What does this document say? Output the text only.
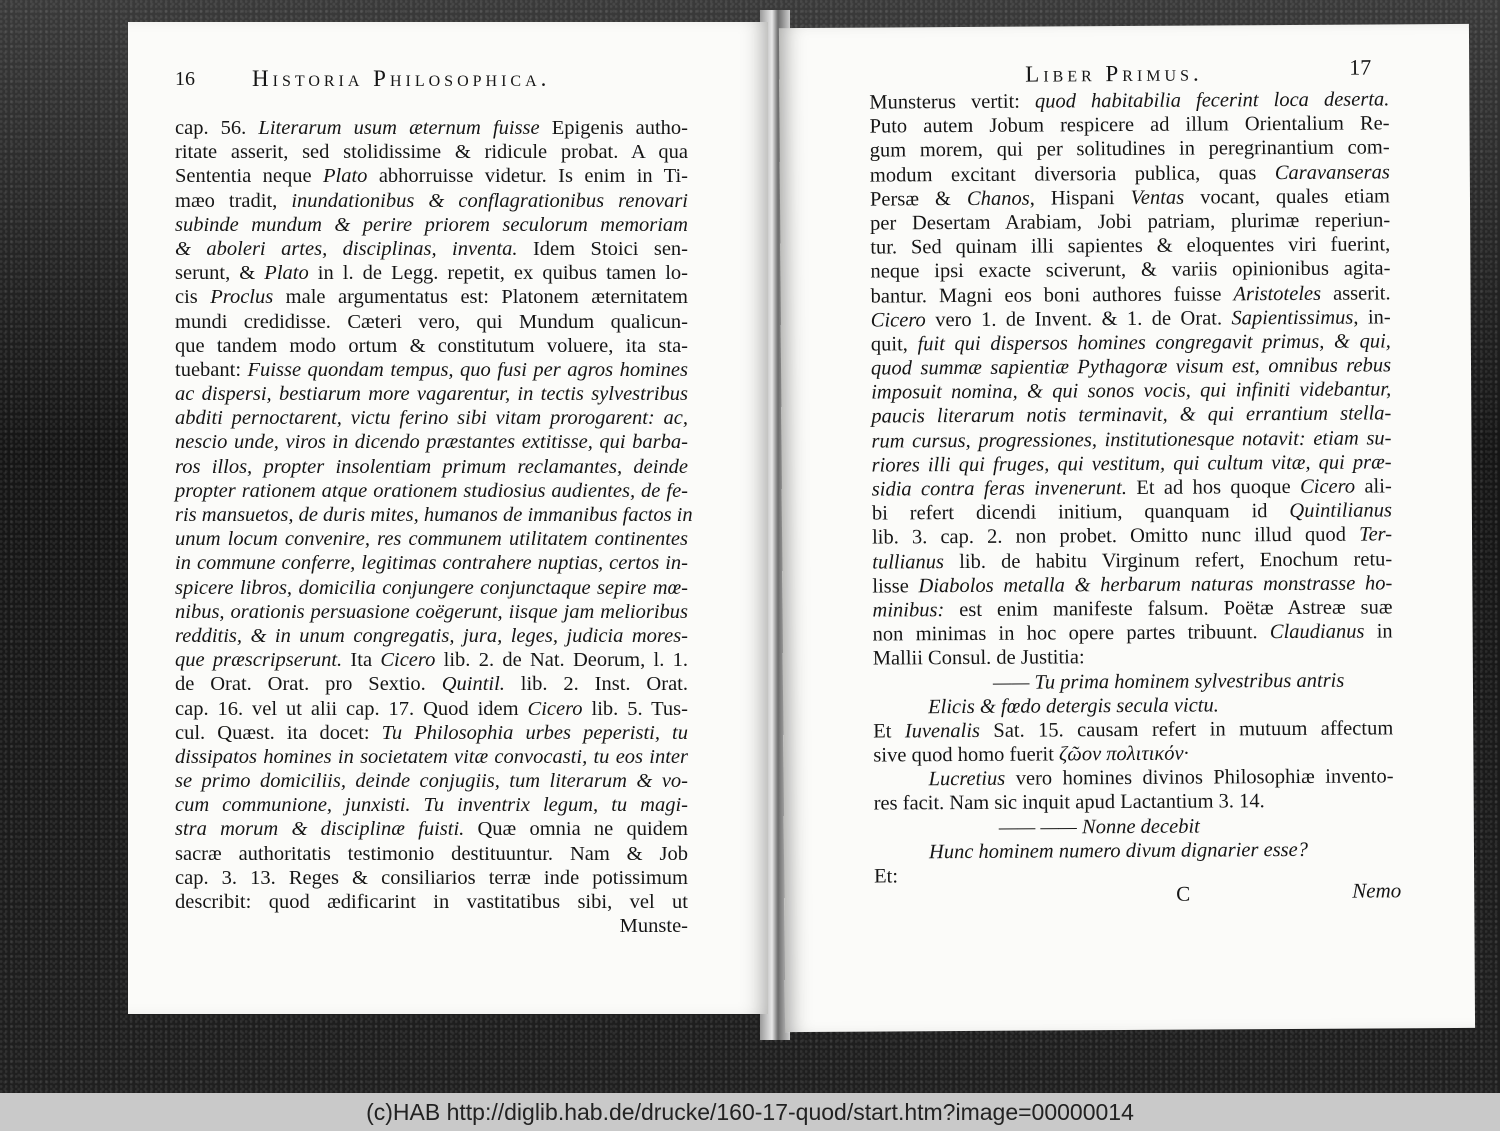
16 Historia Philosophica.
cap. 56. Literarum usum æternum fuisse Epigenis autho-
ritate asserit, sed stolidissime & ridicule probat. A qua
Sententia neque Plato abhorruisse videtur. Is enim in Ti-
mæo tradit, inundationibus & conflagrationibus renovari
subinde mundum & perire priorem seculorum memoriam
& aboleri artes, disciplinas, inventa. Idem Stoici sen-
serunt, & Plato in l. de Legg. repetit, ex quibus tamen lo-
cis Proclus male argumentatus est: Platonem æternitatem
mundi credidisse. Cæteri vero, qui Mundum qualicun-
que tandem modo ortum & constitutum voluere, ita sta-
tuebant: Fuisse quondam tempus, quo fusi per agros homines
ac dispersi, bestiarum more vagarentur, in tectis sylvestribus
abditi pernoctarent, victu ferino sibi vitam prorogarent: ac,
nescio unde, viros in dicendo præstantes extitisse, qui barba-
ros illos, propter insolentiam primum reclamantes, deinde
propter rationem atque orationem studiosius audientes, de fe-
ris mansuetos, de duris mites, humanos de immanibus factos in
unum locum convenire, res communem utilitatem continentes
in commune conferre, legitimas contrahere nuptias, certos in-
spicere libros, domicilia conjungere conjunctaque sepire mœ-
nibus, orationis persuasione coëgerunt, iisque jam melioribus
redditis, & in unum congregatis, jura, leges, judicia mores-
que præscripserunt. Ita Cicero lib. 2. de Nat. Deorum, l. 1.
de Orat. Orat. pro Sextio. Quintil. lib. 2. Inst. Orat.
cap. 16. vel ut alii cap. 17. Quod idem Cicero lib. 5. Tus-
cul. Quæst. ita docet: Tu Philosophia urbes peperisti, tu
dissipatos homines in societatem vitæ convocasti, tu eos inter
se primo domiciliis, deinde conjugiis, tum literarum & vo-
cum communione, junxisti. Tu inventrix legum, tu magi-
stra morum & disciplinæ fuisti. Quæ omnia ne quidem
sacræ authoritatis testimonio destituuntur. Nam & Job
cap. 3. 13. Reges & consiliarios terræ inde potissimum
describit: quod ædificarint in vastitatibus sibi, vel ut
Munste-
Liber Primus.	17
Munsterus vertit: quod habitabilia fecerint loca deserta.
Puto autem Jobum respicere ad illum Orientalium Re-
gum morem, qui per solitudines in peregrinantium com-
modum excitant diversoria publica, quas Caravanseras
Persæ & Chanos, Hispani Ventas vocant, quales etiam
per Desertam Arabiam, Jobi patriam, plurimæ reperiun-
tur. Sed quinam illi sapientes & eloquentes viri fuerint,
neque ipsi exacte sciverunt, & variis opinionibus agita-
bantur. Magni eos boni authores fuisse Aristoteles asserit.
Cicero vero 1. de Invent. & 1. de Orat. Sapientissimus, in-
quit, fuit qui dispersos homines congregavit primus, & qui,
quod summæ sapientiæ Pythagoræ visum est, omnibus rebus
imposuit nomina, & qui sonos vocis, qui infiniti videbantur,
paucis literarum notis terminavit, & qui errantium stella-
rum cursus, progressiones, institutionesque notavit: etiam su-
riores illi qui fruges, qui vestitum, qui cultum vitæ, qui præ-
sidia contra feras invenerunt. Et ad hos quoque Cicero ali-
bi refert dicendi initium, quanquam id Quintilianus
lib. 3. cap. 2. non probet. Omitto nunc illud quod Ter-
tullianus lib. de habitu Virginum refert, Enochum retu-
lisse Diabolos metalla & herbarum naturas monstrasse ho-
minibus: est enim manifeste falsum. Poëtæ Astreæ suæ
non minimas in hoc opere partes tribuunt. Claudianus in
Mallii Consul. de Justitia:
—— Tu prima hominem sylvestribus antris
Elicis & fœdo detergis secula victu.
Et Iuvenalis Sat. 15. causam refert in mutuum affectum
sive quod homo fuerit ζῶον πολιτικόν·
Lucretius vero homines divinos Philosophiæ invento-
res facit. Nam sic inquit apud Lactantium 3. 14.
—— —— Nonne decebit
Hunc hominem numero divum dignarier esse?
Et:
C	Nemo
(c)HAB http://diglib.hab.de/drucke/160-17-quod/start.htm?image=00000014
